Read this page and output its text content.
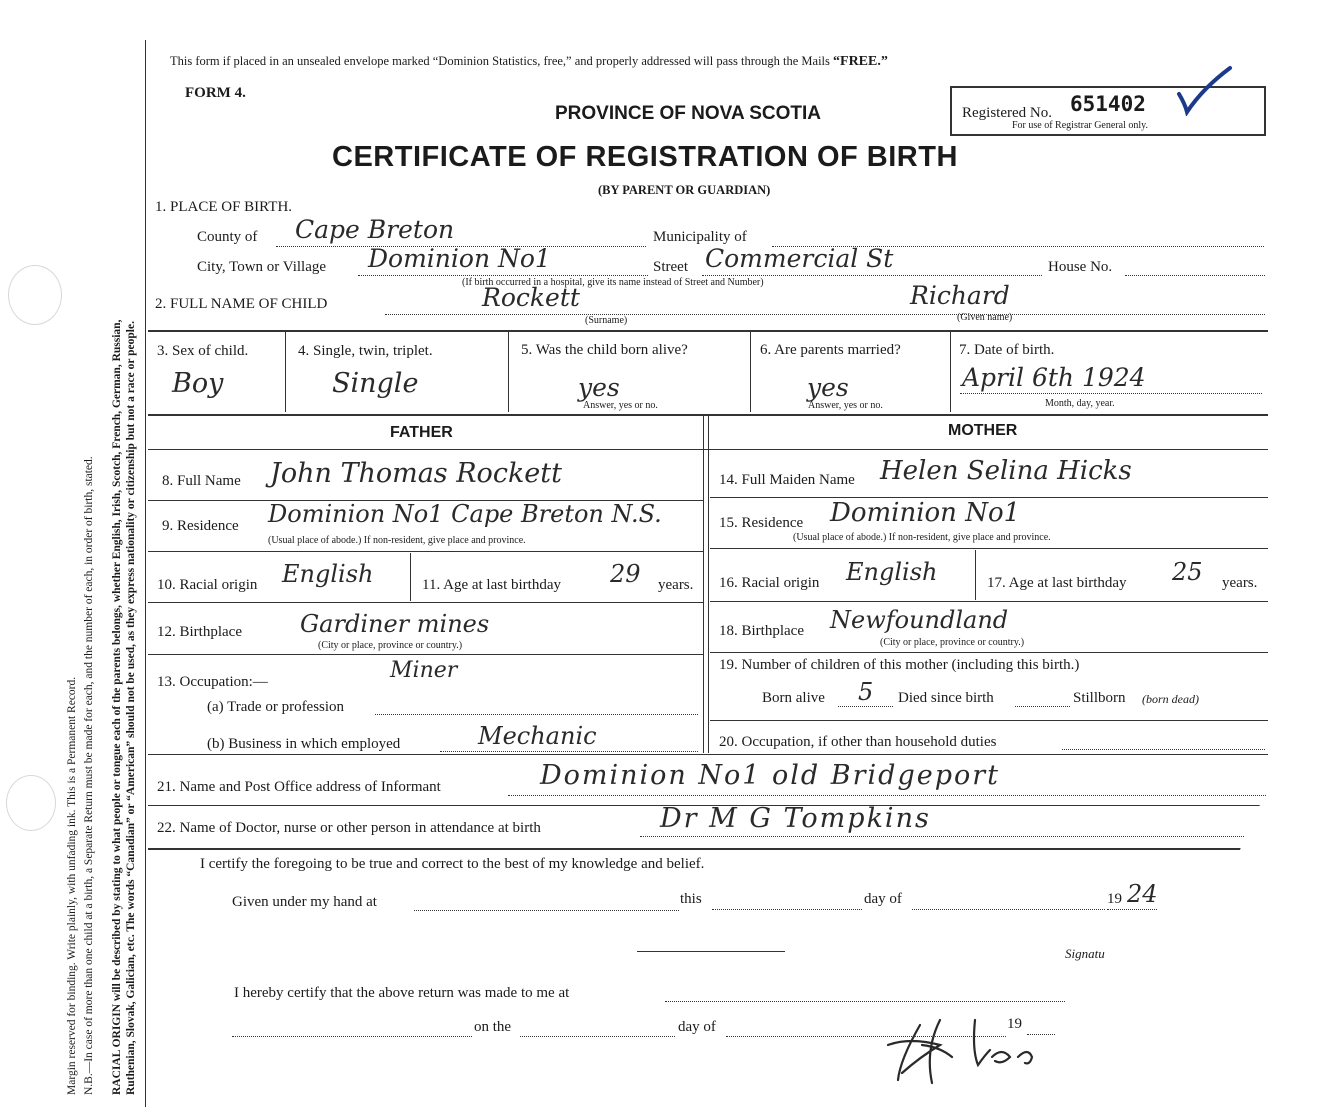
Margin reserved for binding. Write plainly, with unfading ink. This is a Permanent Record. N.B.—In case of more than one child at a birth, a Separate Return must be made for each, and the number of each, in order of birth, stated. RACIAL ORIGIN will be described by stating to what people or tongue each of the parents belongs, whether English, Irish, Scotch, French, German, Russian, Ruthenian, Slovak, Galician, etc. The words “Canadian” or “American” should not be used, as they express nationality or citizenship but not a race or people.
This form if placed in an unsealed envelope marked “Dominion Statistics, free,” and properly addressed will pass through the Mails “FREE.”
FORM 4.
Registered No. 651402
For use of Registrar General only.
PROVINCE OF NOVA SCOTIA
CERTIFICATE OF REGISTRATION OF BIRTH
(BY PARENT OR GUARDIAN)
1. PLACE OF BIRTH.
County of Cape Breton	Municipality of
City, Town or Village Dominion No1	Street Commercial St	House No.
(If birth occurred in a hospital, give its name instead of Street and Number)
2. FULL NAME OF CHILD	Rockett
(Surname)
Richard
(Given name)
3. Sex of child.
Boy
4. Single, twin, triplet.
Single
5. Was the child born alive?
yes
Answer, yes or no.
6. Are parents married?
yes
Answer, yes or no.
7. Date of birth.
April 6th 1924
Month, day, year.
FATHER	MOTHER
8. Full Name John Thomas Rockett
9. Residence Dominion No1 Cape Breton N.S.
(Usual place of abode.) If non-resident, give place and province.
10. Racial origin English	11. Age at last birthday 29 years.
12. Birthplace Gardiner mines
(City or place, province or country.)
13. Occupation:—	Miner
(a) Trade or profession
(b) Business in which employed	Mechanic
14. Full Maiden Name Helen Selina Hicks
15. Residence Dominion No1
(Usual place of abode.) If non-resident, give place and province.
16. Racial origin English	17. Age at last birthday 25 years.
18. Birthplace Newfoundland
(City or place, province or country.)
19. Number of children of this mother (including this birth.)
Born alive 5 Died since birth	Stillborn (born dead)
20. Occupation, if other than household duties
21. Name and Post Office address of Informant	Dominion No1 old Bridgeport
22. Name of Doctor, nurse or other person in attendance at birth	Dr M G Tompkins
I certify the foregoing to be true and correct to the best of my knowledge and belief.
Given under my hand at	this	day of	19 24
Signatu
I hereby certify that the above return was made to me at
on the	day of	19
